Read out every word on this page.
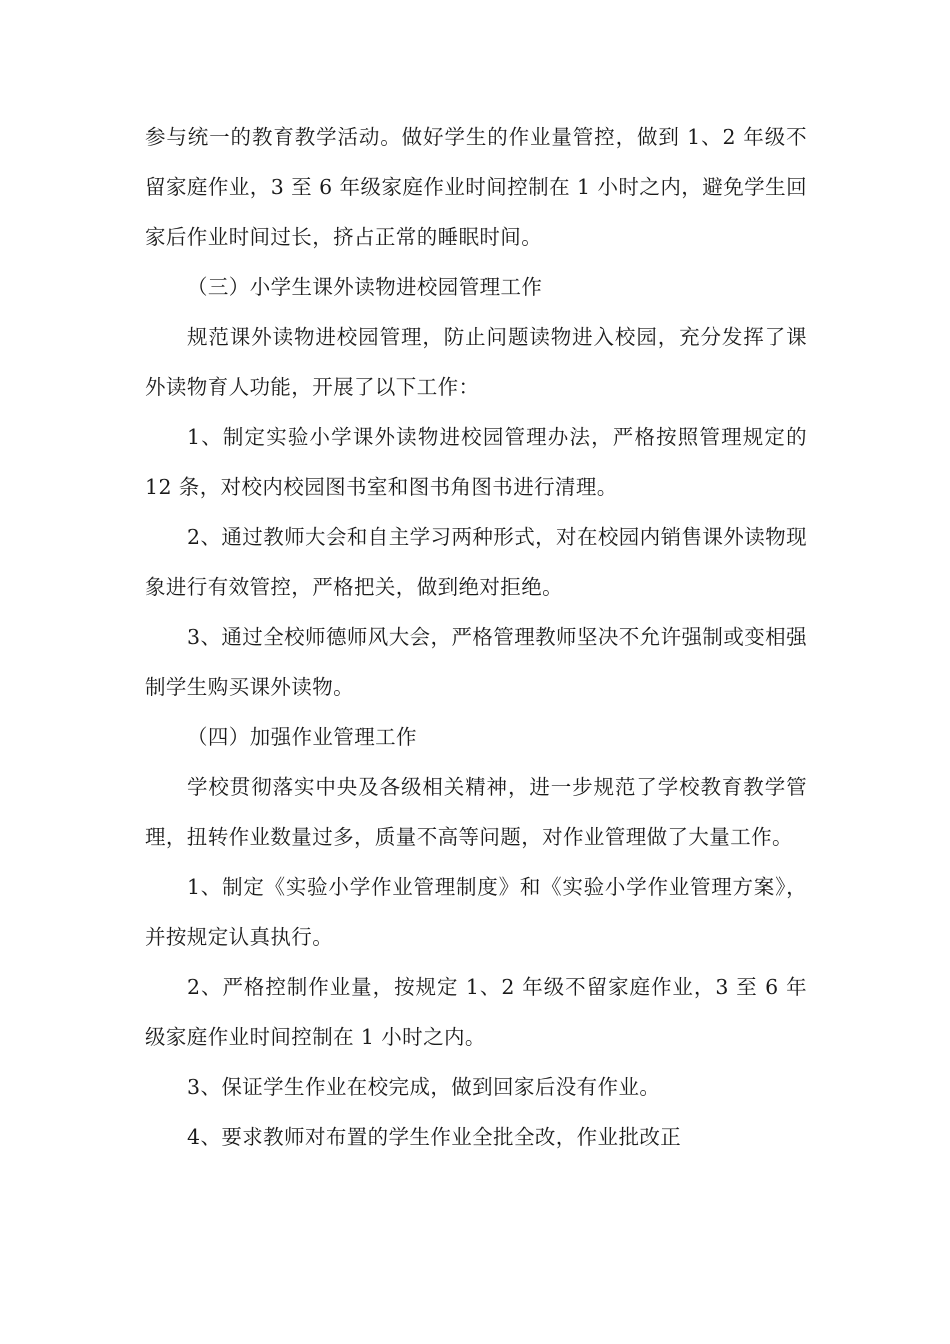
参与统一的教育教学活动。做好学生的作业量管控，做到 1、2 年级不留家庭作业，3 至 6 年级家庭作业时间控制在 1 小时之内，避免学生回家后作业时间过长，挤占正常的睡眠时间。

（三）小学生课外读物进校园管理工作

规范课外读物进校园管理，防止问题读物进入校园，充分发挥了课外读物育人功能，开展了以下工作：

1、制定实验小学课外读物进校园管理办法，严格按照管理规定的 12 条，对校内校园图书室和图书角图书进行清理。

2、通过教师大会和自主学习两种形式，对在校园内销售课外读物现象进行有效管控，严格把关，做到绝对拒绝。

3、通过全校师德师风大会，严格管理教师坚决不允许强制或变相强制学生购买课外读物。

（四）加强作业管理工作

学校贯彻落实中央及各级相关精神，进一步规范了学校教育教学管理，扭转作业数量过多，质量不高等问题，对作业管理做了大量工作。

1、制定《实验小学作业管理制度》和《实验小学作业管理方案》，并按规定认真执行。

2、严格控制作业量，按规定 1、2 年级不留家庭作业，3 至 6 年级家庭作业时间控制在 1 小时之内。

3、保证学生作业在校完成，做到回家后没有作业。

4、要求教师对布置的学生作业全批全改，作业批改正
